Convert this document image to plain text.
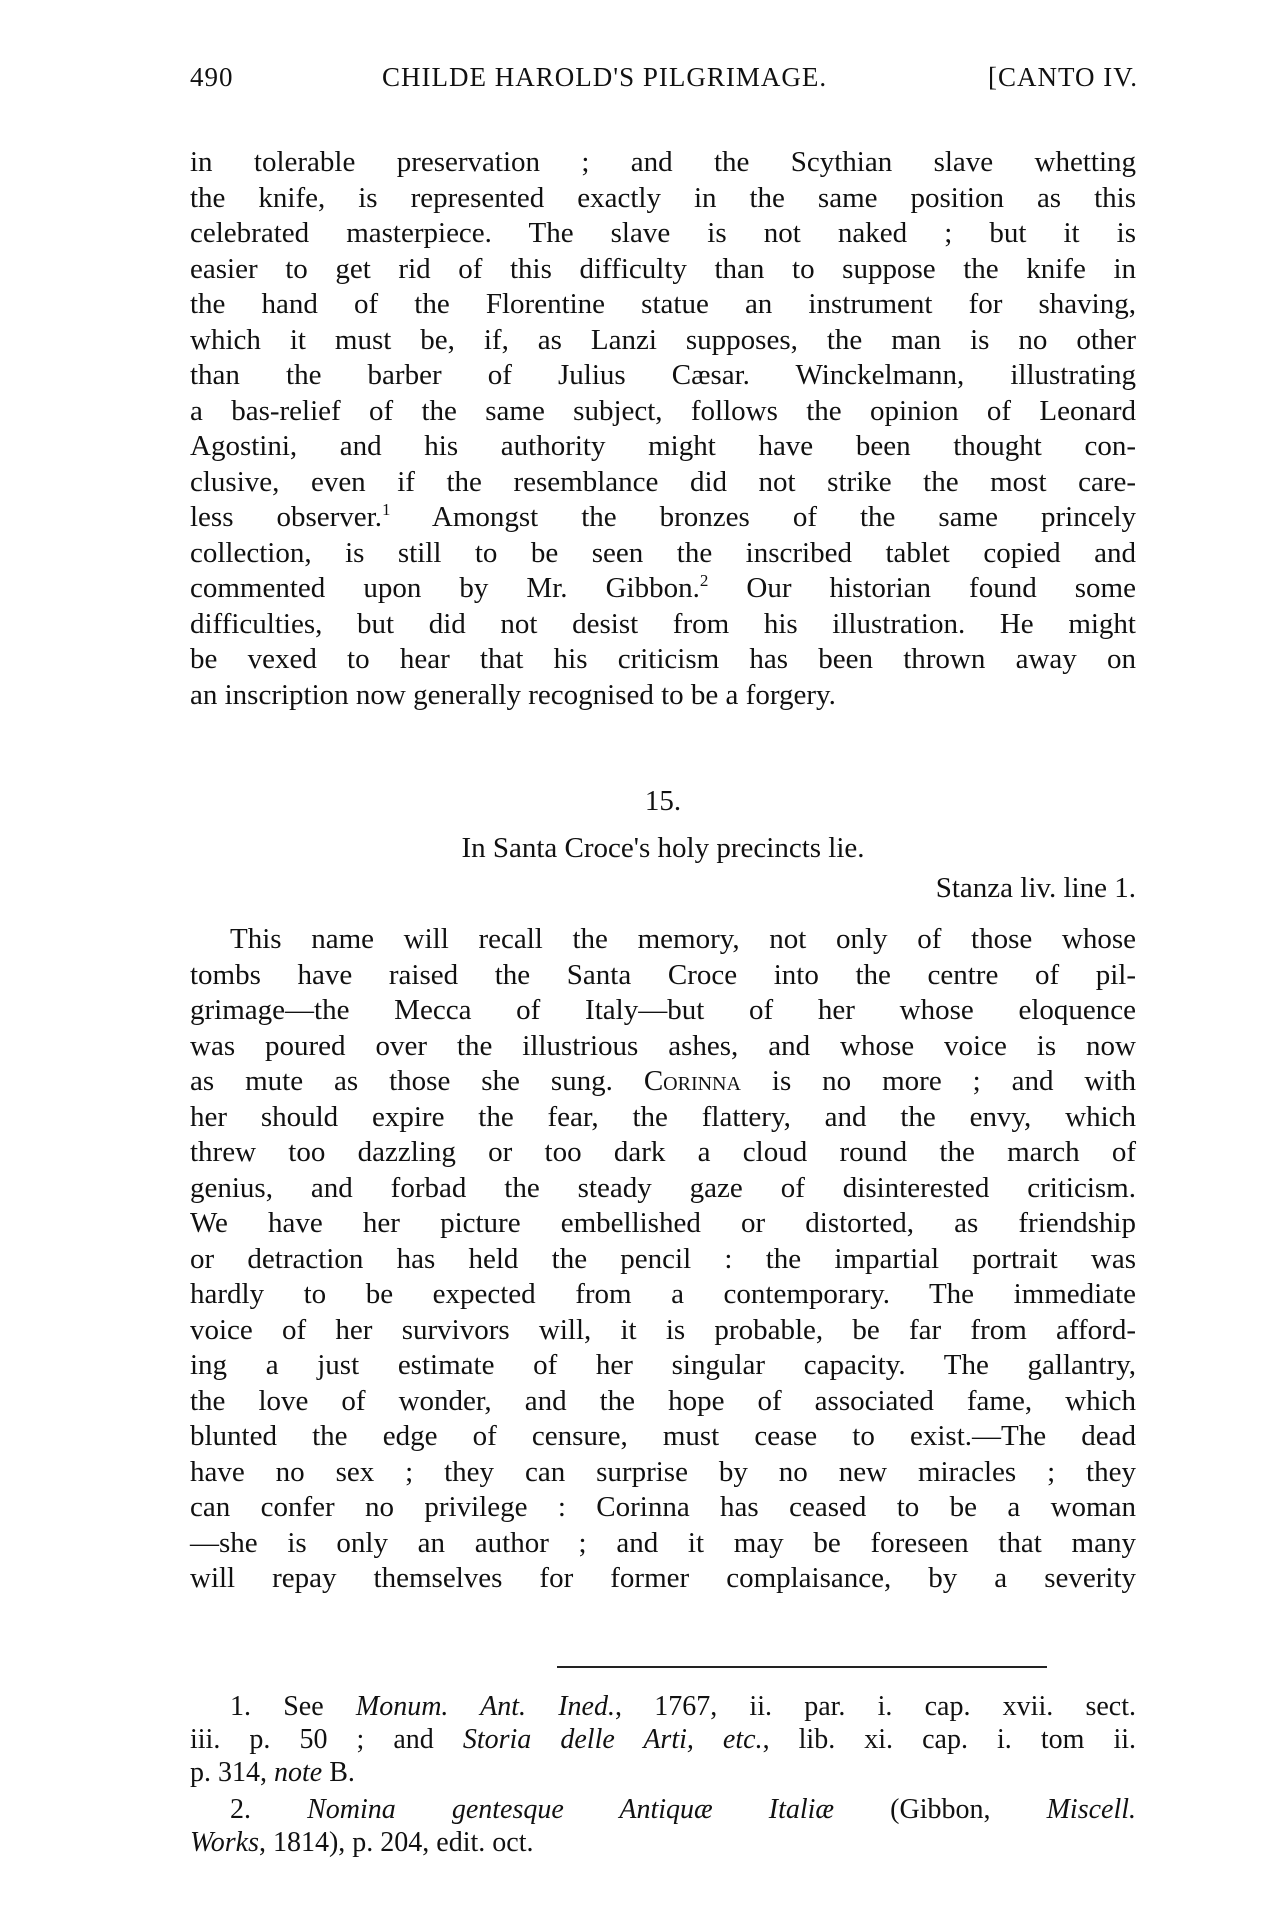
490	CHILDE HAROLD'S PILGRIMAGE.	[CANTO IV.
in tolerable preservation ; and the Scythian slave whetting
the knife, is represented exactly in the same position as this
celebrated masterpiece. The slave is not naked ; but it is
easier to get rid of this difficulty than to suppose the knife in
the hand of the Florentine statue an instrument for shaving,
which it must be, if, as Lanzi supposes, the man is no other
than the barber of Julius Cæsar. Winckelmann, illustrating
a bas-relief of the same subject, follows the opinion of Leonard
Agostini, and his authority might have been thought con-
clusive, even if the resemblance did not strike the most care-
less observer.$^1$ Amongst the bronzes of the same princely
collection, is still to be seen the inscribed tablet copied and
commented upon by Mr. Gibbon.$^2$ Our historian found some
difficulties, but did not desist from his illustration. He might
be vexed to hear that his criticism has been thrown away on
an inscription now generally recognised to be a forgery.
15.
In Santa Croce's holy precincts lie.
Stanza liv. line 1.
This name will recall the memory, not only of those whose
tombs have raised the Santa Croce into the centre of pil-
grimage—the Mecca of Italy—but of her whose eloquence
was poured over the illustrious ashes, and whose voice is now
as mute as those she sung. Corinna is no more ; and with
her should expire the fear, the flattery, and the envy, which
threw too dazzling or too dark a cloud round the march of
genius, and forbad the steady gaze of disinterested criticism.
We have her picture embellished or distorted, as friendship
or detraction has held the pencil : the impartial portrait was
hardly to be expected from a contemporary. The immediate
voice of her survivors will, it is probable, be far from afford-
ing a just estimate of her singular capacity. The gallantry,
the love of wonder, and the hope of associated fame, which
blunted the edge of censure, must cease to exist.—The dead
have no sex ; they can surprise by no new miracles ; they
can confer no privilege : Corinna has ceased to be a woman
—she is only an author ; and it may be foreseen that many
will repay themselves for former complaisance, by a severity
1. See Monum. Ant. Ined., 1767, ii. par. i. cap. xvii. sect.
iii. p. 50 ; and Storia delle Arti, etc., lib. xi. cap. i. tom ii.
p. 314, note B.
2. Nomina gentesque Antiquæ Italiæ (Gibbon, Miscell.
Works, 1814), p. 204, edit. oct.
